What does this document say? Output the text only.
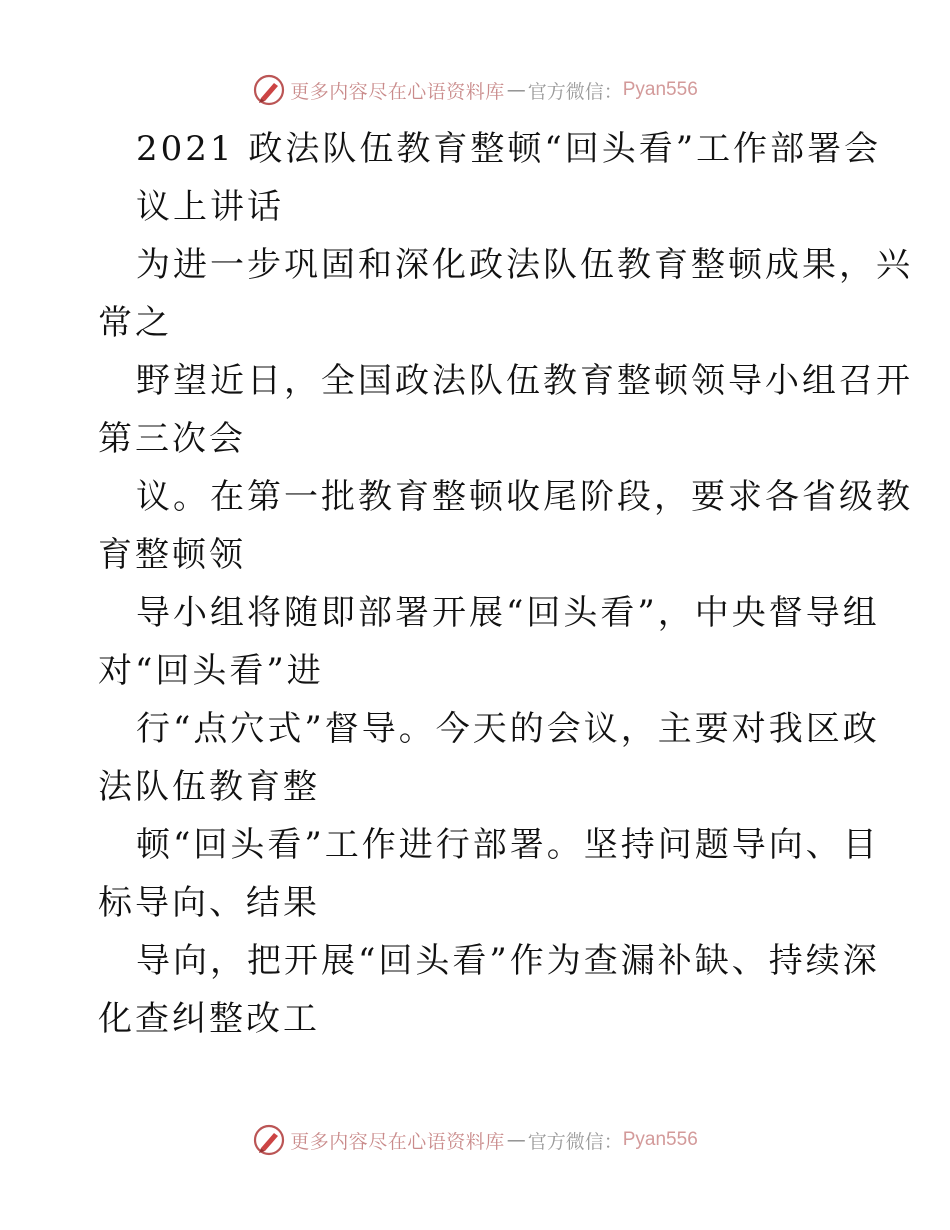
更多内容尽在心语资料库 — 官方微信： Pyan556
2021 政法队伍教育整顿“回头看”工作部署会
议上讲话
为进一步巩固和深化政法队伍教育整顿成果，兴
常之
野望近日，全国政法队伍教育整顿领导小组召开
第三次会
议。在第一批教育整顿收尾阶段，要求各省级教
育整顿领
导小组将随即部署开展“回头看”，中央督导组
对“回头看”进
行“点穴式”督导。今天的会议，主要对我区政
法队伍教育整
顿“回头看”工作进行部署。坚持问题导向、目
标导向、结果
导向，把开展“回头看”作为查漏补缺、持续深
化查纠整改工
更多内容尽在心语资料库 — 官方微信： Pyan556
